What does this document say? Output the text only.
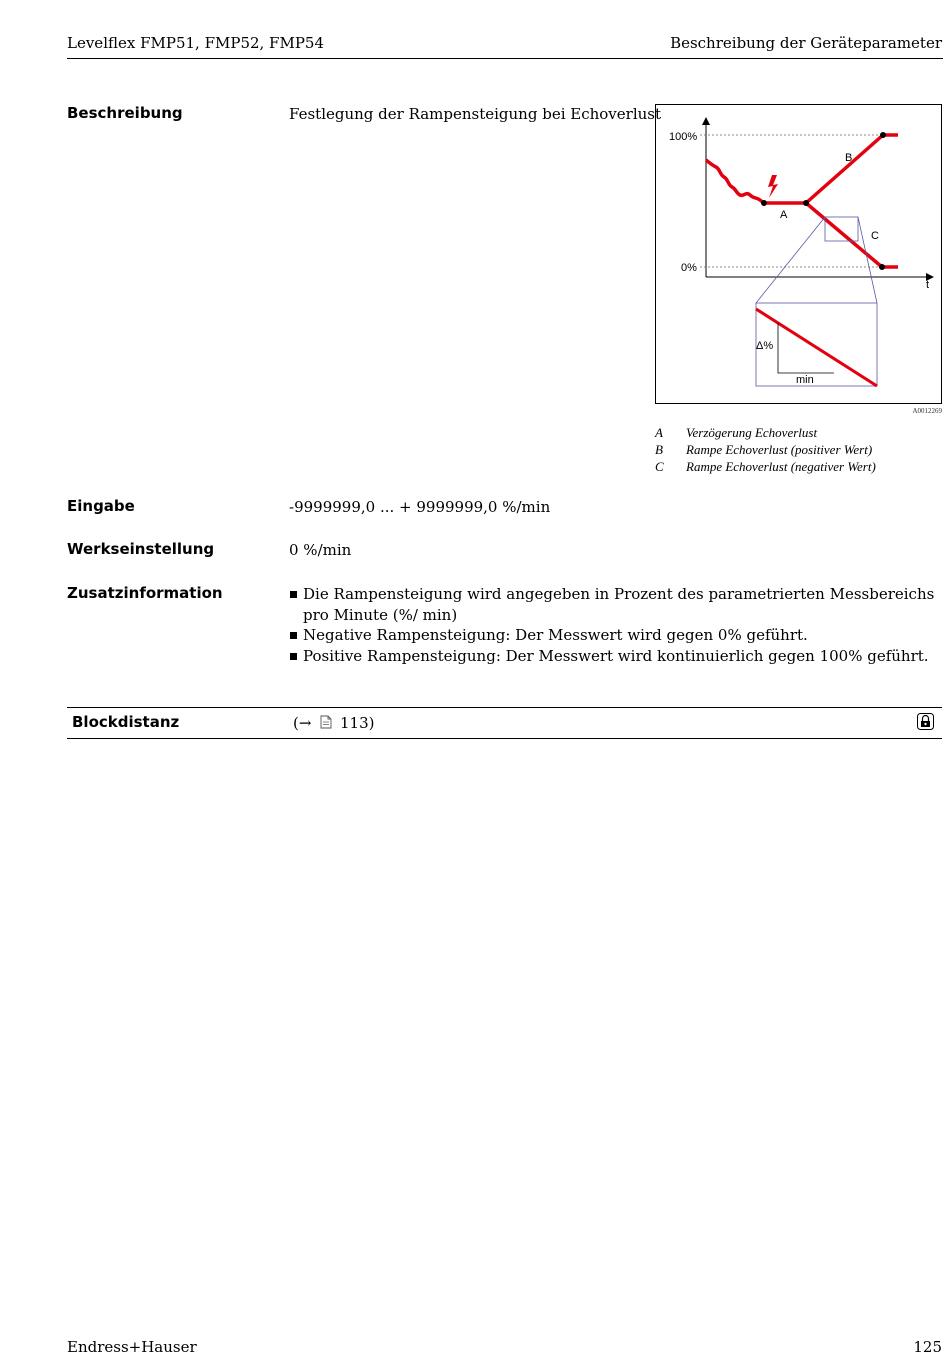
Levelflex FMP51, FMP52, FMP54	Beschreibung der Geräteparameter
Beschreibung	Festlegung der Rampensteigung bei Echoverlust
100%
0%
t
A
B
C
Δ%
min
A0012269
A	Verzögerung Echoverlust
B	Rampe Echoverlust (positiver Wert)
C	Rampe Echoverlust (negativer Wert)
Eingabe	-9999999,0 ... + 9999999,0 %/min
Werkseinstellung	0 %/min
Zusatzinformation	Die Rampensteigung wird angegeben in Prozent des parametrierten Messbereichs pro Minute (%/ min)
Negative Rampensteigung: Der Messwert wird gegen 0% geführt.
Positive Rampensteigung: Der Messwert wird kontinuierlich gegen 100% geführt.
Blockdistanz	(→ 113)
Endress+Hauser	125
